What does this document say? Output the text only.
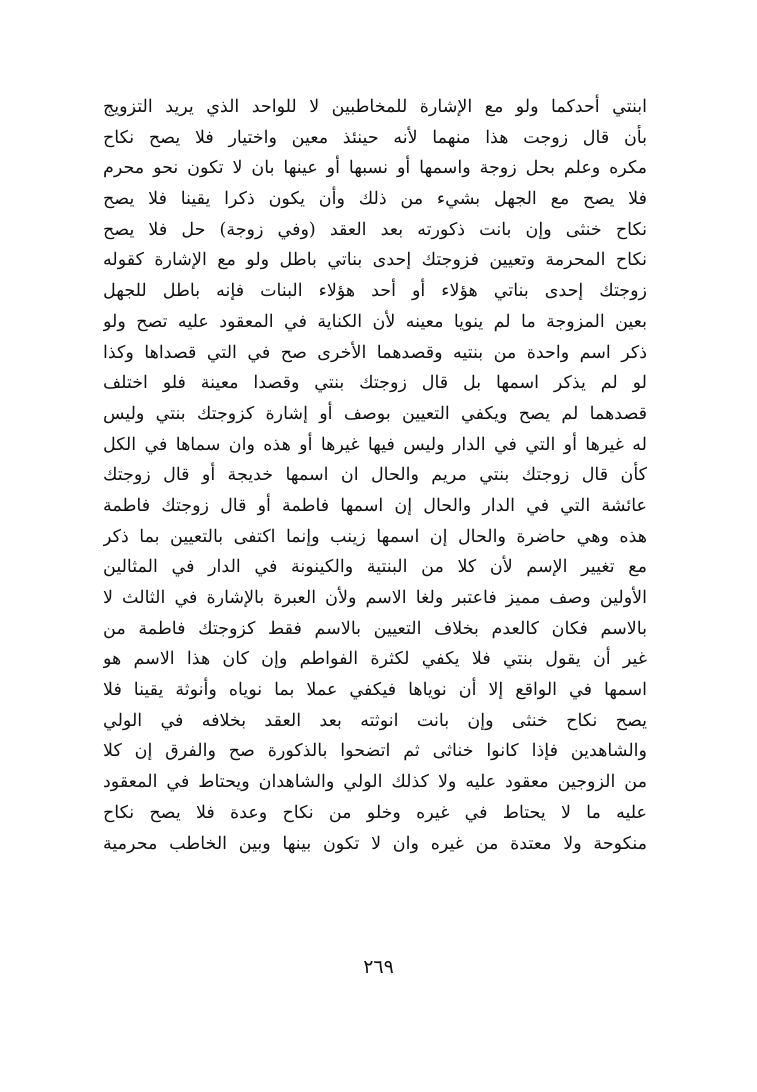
ابنتي أحدكما ولو مع الإشارة للمخاطبين لا للواحد الذي يريد التزويج
بأن قال زوجت هذا منهما لأنه حينئذ معين واختيار فلا يصح نكاح
مكره وعلم بحل زوجة واسمها أو نسبها أو عينها بان لا تكون نحو محرم
فلا يصح مع الجهل بشيء من ذلك وأن يكون ذكرا يقينا فلا يصح
نكاح خنثى وإن بانت ذكورته بعد العقد (وفي زوجة) حل فلا يصح
نكاح المحرمة وتعيين فزوجتك إحدى بناتي باطل ولو مع الإشارة كقوله
زوجتك إحدى بناتي هؤلاء أو أحد هؤلاء البنات فإنه باطل للجهل
بعين المزوجة ما لم ينويا معينه لأن الكناية في المعقود عليه تصح ولو
ذكر اسم واحدة من بنتيه وقصدهما الأخرى صح في التي قصداها وكذا
لو لم يذكر اسمها بل قال زوجتك بنتي وقصدا معينة فلو اختلف
قصدهما لم يصح ويكفي التعيين بوصف أو إشارة كزوجتك بنتي وليس
له غيرها أو التي في الدار وليس فيها غيرها أو هذه وان سماها في الكل
كأن قال زوجتك بنتي مريم والحال ان اسمها خديجة أو قال زوجتك
عائشة التي في الدار والحال إن اسمها فاطمة أو قال زوجتك فاطمة
هذه وهي حاضرة والحال إن اسمها زينب وإنما اكتفى بالتعيين بما ذكر
مع تغيير الإسم لأن كلا من البنتية والكينونة في الدار في المثالين
الأولين وصف مميز فاعتبر ولغا الاسم ولأن العبرة بالإشارة في الثالث لا
بالاسم فكان كالعدم بخلاف التعيين بالاسم فقط كزوجتك فاطمة من
غير أن يقول بنتي فلا يكفي لكثرة الفواطم وإن كان هذا الاسم هو
اسمها في الواقع إلا أن نوياها فيكفي عملا بما نوياه وأنوثة يقينا فلا
يصح نكاح خنثى وإن بانت انوثته بعد العقد بخلافه في الولي
والشاهدين فإذا كانوا خناثى ثم اتضحوا بالذكورة صح والفرق إن كلا
من الزوجين معقود عليه ولا كذلك الولي والشاهدان ويحتاط في المعقود
عليه ما لا يحتاط في غيره وخلو من نكاح وعدة فلا يصح نكاح
منكوحة ولا معتدة من غيره وان لا تكون بينها وبين الخاطب محرمية
٢٦٩
